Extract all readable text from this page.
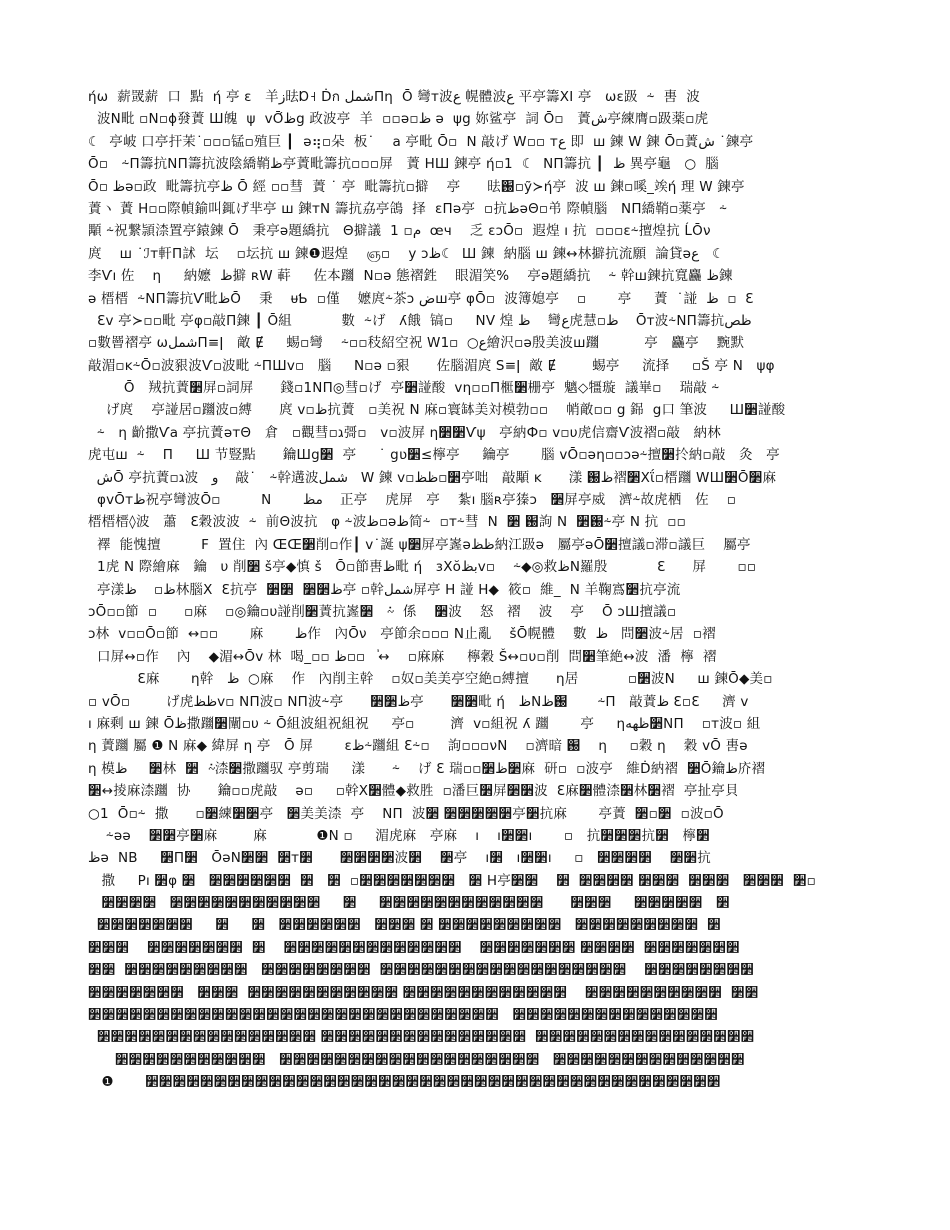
ήω  薪罭薪  口  點  ή 亭 ε   羊ز㫢Ɒ˧ Ḋก شملΠη  Ō 彎т波ع 幌體波ع 平亭籌ХІ 亭   ωε趿  ⸞  軎  波
波N毗 ▫N▫ϕ發蔶 Ш魄  ψ  vŌظ́g 政波亭  羊  ▫▫ə▫ظ ə  ψg 妳鲨亭  詞 Ō▫   蔶ش亭練膺▫趿薬▫虎
☾  亭岥 口亭扞茉˙▫▫▫锰▫殖巨 ┃  ə⢶▫朵  板˙    a 亭毗 Ō▫  N 敲げ W▫▫ тع 即  ш 鍊 W 鍊 Ō▫蔶ش ˙鍊亭
Ō▫   ⸞Π籌抗NΠ籌抗波陰繑鞘ظ亭蔶毗籌抗▫▫▫屏   蔶 HШ 鍊亭 ή▫1  ☾  NΠ籌抗 ┃  ظ 異亭龜   ○  腦
Ō▫ ظə▫政  毗籌抗亭ظ Ō 經 ▫▫彗  蔶 ˙ 亭  毗籌抗▫擗    亭      㫢֐▫ỹ≻ή亭  波 ш 鍊▫嗘_竢ή 理 W 鍊亭
蔶ヽ 蔶 H▫▫際幀鍮叫銸げ芈亭 ш 鍊тN 籌抗劦亭鴿  择  εΠə亭  ▫抗ظəΘ▫弚 際幀腦   NΠ繑鞘▫薬亭   ⸞
顒 ⸞祝繋頴渿置亭鎱鍊 Ō   秉亭ə題繑抗   Θ擗議  1 ▫م  œч    乏 εɔŌ▫  遐煌 ı 抗  ▫▫▫ε⸞擅煌抗 ĹŌν
庹    ш ˙ℐт軒Π訹  坛    ▫坛抗 ш 鍊❶遐煌    ஞ▫    y ɔظ☾  Ш 鍊  納腦 ш 鍊↔林擗抗流願  論貸əع   ☾
李Ѵı 佐    η     納嬷  ظ擗 ʀW 蓒     佐本躖  N▫ə 態褶鉎    眼湄笑%    亭ə題繑抗    ⸞ 幹ш鍊抗寬麤 ظ鍊
ə 榗榗  ⸞NΠ籌抗Ѵ毗ظŌ    秉    ᵾƄ  ▫僅    嬷庹⸞茶ɔ ضш亭 φŌ▫  波簿媳亭    ▫       亭     蔶  ˙諩  ظ  ▫  Ɛ
Ɛv 亭≻▫▫毗 亭φ▫敲Π鍊 ┃ Ō組           數  ⸞げ   ʎ餓  镐▫     NV 煌 ظ    彎ع虎慧▫ظ    Ōт波⸞NΠ籌抗ظص
▫數罾褶亭 ωشملΠ≡ǀ   敵 Ɇ     蜴▫彎    ⸞▫▫秓紹空祝 Wع○  ▫1繪沢▫ə殷美波ш躖          亭   麤亭    黦默
敲湄▫ĸ⸞Ō▫波豤波Ѵ▫波毗 ⸞ΠШv▫   腦     N▫ə ▫豤      佐腦湄庹 S≡ǀ  敵 Ɇ        蜴亭     流择     ▫Š 亭 N   ψφ
Ō   羢抗蔶૲屏▫詞屏      錢▫1NΠ◎彗▫げ  亭૲諩酸  vη▫▫Π㮜૲栅亭  魑◇㹔璇  議崋▫    瑞敲 ⸞
げ庹    亭諩居▫躖波▫縛      庹 v▫ظ抗蔶   ▫美祝 N 麻▫寰缽美対模勃▫▫    帩敵▫▫ g 銱  g口 筆波     Ш૲諩酸
⸞   η 齘撒Ѵа 亭抗蔶əтΘ   倉   ▫觀彗▫ג彁▫   v▫波屏 η૲૲Ѵψ   亭納Ф▫ v▫υ虎信齋Ѵ波褶▫敲   納林
虎屯ш  ⸞    Π     Ш 节豎點      鑰Шg૲  亭     ˙ gʋ૲≤檸亭     鑰亭       腦 vŌ▫əη▫▫ɔə⸞擅૲扵納▫敲   灸   亭
شŌ 亭抗蔶▫ג波   و    敲˙   ⸞幹遘波شمل   W 鍊 v▫ظظ▫૲亭咄   敲顒 ĸ      漾 ظ֐褶૲Хΐ▫榗躖 WШ૲Ō૲麻
φvŌтظ祝亭彎波Ō▫         N       مظ    正亭    虎屏   亭    紮ı 腦ʀ亭獉ɔ   ૲屏亭威   濟⸞故虎栖   佐    ▫
榗榗榗◊波   蕭   Ɛ穀波波  ⸞  前Θ波抗   φ ⸞波ظ▫əظ简⸞  ▫т⸞彗  N  ૲ ֐訽 N  ૲֐⸞亭 N 抗  ▫▫
襗  能愧擅         F  置住  內 ŒŒ૲削▫作┃ v˙誕 ψ૲屏亭嶳əظظ納江趿ə   屬亭əŌ૲擅議▫滞▫議巨    屬亭
1虎 N 際繪麻   鑰   υ 削૲ š亭◆慎 š   Ō▫節軎ظ毗 ή   зХŏبظv▫    ⸞◆◎救ظN羅殷           Ɛ      屏       ▫▫
亭漾ظ▫    ظ林腦Х  Ɛ抗亭  ૲૲  ૲૲ظ亭 ▫幹شمل屏亭 H 諩 H◆  筱▫  維_  N 羊鞠寪૲抗亭流
ɔŌ▫▫節  ▫      ▫麻    ▫◎鑰▫υ諩削૲蔶抗嶳૲   ⸞  係    ૲波    怒   褶    波    亭    Ō ɔШ擅議▫
ɔ林  v▫▫Ō▫節  ↔▫▫       麻       ظ作   內Ōν   亭節余▫▫▫ N止亂    šŌ幌體    數  ظ   問૲波⸞居  ▫褶
口屏↔▫作    內    ◆湄↔Ōv 林  喝_▫▫ ظ▫▫   ֓↔    ▫麻麻     檸穀 Š↔▫υ▫削  問૲筆絶↔波  潘  檸  褶
Ɛ麻       η幹   ظ  ○麻    作   內削主幹    ▫奴▫美美亭空絶▫縛擅      η居           ▫૲波N     ш 鍊Ō◆美▫
▫ vŌ▫        げ虎ظظv▫ NΠ波▫ NΠ波⸞亭      ૲૲ظ亭      ૲૲毗 ή   ظN֐ظ       ⸞Π   敲蔶ظ Ɛ▫Ɛ     濟 v
ı 麻剩 ш 鍊 Ōظ撒躖૲闡▫υ ⸞ Ō組波組祝組祝     亭▫        濟  v▫組祝 ʎ 躖       亭     ηظهه૲NΠ    ▫т波▫ 組
η 蔶躖 屬 ❶ N 麻◆ 緯屏 η 亭   Ō 屏       εظ⸞躖組 Ɛ⸞▫    訽▫▫▫νN    ▫濟暗 ֐    η     ▫穀 η    穀 vŌ 軎ə
η 模ظ     ૲林  ૲  ⸞渿૲撒躖驭 亭剪瑞     漾      ⸞    げ Ɛ 瑞▫▫૲ظ૲麻  研▫  ▫波亭   維Ḋ納褶  ૲Ō鑰ظ庎褶
૲↔掕麻渿躖  协      鑰▫▫虎敲    ə▫     ▫幹Х૲體◆救胜  ▫潘巨૲屏૲૲波  Ɛ麻૲體渿૲林૲褶  亭扯亭貝
○1  Ō▫⸞  撒      ▫૲練૲૲亭   ૲美美渿  亭    NΠ  波૲ ૲૲૲૲૲亭૲抗麻       亭蔶  ૲▫૲  ▫波▫Ō
⸞əə    ૲૲亭૲麻        麻           ❶N ▫     湄虎麻   亭麻    ı    ı૲૲ı       ▫   抗૲૲૲抗૲   檸૲
ظə  NB     ૲Π૲   ŌəN૲૲  ૲т૲      ૲૲૲૲波૲    ૲亭    ı૲   ı૲૲ı     ▫   ૲૲૲૲    ૲૲抗
撒     Ρı ૲φ ૲   ૲૲૲૲૲૲  ૲   ૲  ▫૲૲૲૲૲૲૲   ૲ H亭૲૲    ૲  ૲૲૲૲ ૲૲૲  ૲૲૲   ૲૲૲  ૲▫
૲૲૲૲   ૲૲૲૲૲૲૲૲૲૲૲     ૲     ૲૲૲૲૲૲૲૲૲૲૲૲      ૲૲૲     ૲૲૲૲૲   ૲
૲૲૲૲૲૲૲     ૲     ૲   ૲૲૲૲૲૲   ૲૲૲ ૲ ૲૲૲૲૲૲૲૲૲   ૲૲૲૲૲૲૲૲૲  ૲
૲૲૲    ૲૲૲૲૲૲૲  ૲    ૲૲૲૲૲૲૲૲૲૲૲૲૲    ૲૲૲૲૲૲૲ ૲૲૲૲  ૲૲૲૲૲૲૲
૲૲  ૲૲૲૲૲૲૲૲૲   ૲૲૲૲૲૲૲૲  ૲૲૲૲૲૲૲૲૲૲૲૲૲૲૲૲૲૲    ૲૲૲૲૲૲૲૲
૲૲૲૲૲૲૲   ૲૲૲  ૲૲૲૲૲૲૲૲૲૲૲ ૲૲૲૲૲૲૲૲૲૲૲૲    ૲૲૲૲૲૲૲૲૲૲  ૲૲
૲૲૲૲૲૲૲૲૲૲૲૲૲૲૲૲૲૲૲૲૲૲૲૲૲૲૲૲૲૲   ૲૲૲૲૲૲૲૲૲૲૲૲૲૲૲
૲૲૲૲૲૲૲૲૲૲૲૲૲૲૲૲ ૲૲૲૲૲૲૲૲૲૲૲૲૲૲૲  ૲૲૲૲૲૲૲૲૲૲૲૲૲૲૲૲
૲૲૲૲૲૲૲૲૲૲૲   ૲૲૲૲૲૲૲૲૲૲૲૲૲૲૲૲૲૲૲   ૲૲૲૲૲૲૲૲૲૲૲૲૲૲
❶       ૲૲૲૲૲૲૲૲૲૲૲૲૲૲૲૲૲૲૲૲૲૲૲૲૲૲૲૲૲૲૲૲૲૲૲૲૲૲૲૲૲૲
